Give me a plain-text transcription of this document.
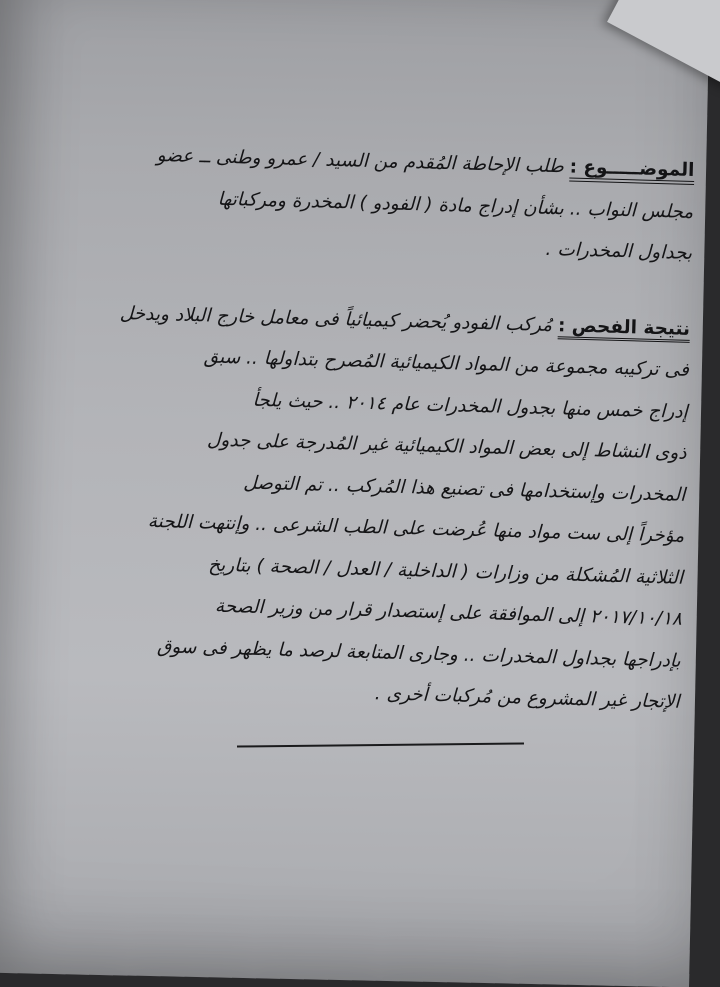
الموضـــــوع : طلب الإحاطة المُقدم من السيد / عمرو وطنى ــ عضو
مجلس النواب .. بشأن إدراج مادة ( الفودو ) المخدرة ومركباتها
بجداول المخدرات .
نتيجة الفحص : مُركب الفودو يُحضر كيميائياً فى معامل خارج البلاد ويدخل
فى تركيبه مجموعة من المواد الكيميائية المُصرح بتداولها .. سبق
إدراج خمس منها بجدول المخدرات عام ٢٠١٤ .. حيث يلجأ
ذوى النشاط إلى بعض المواد الكيميائية غير المُدرجة على جدول
المخدرات وإستخدامها فى تصنيع هذا المُركب .. تم التوصل
مؤخراً إلى ست مواد منها عُرضت على الطب الشرعى .. وإنتهت اللجنة
الثلاثية المُشكلة من وزارات ( الداخلية / العدل / الصحة ) بتاريخ
٢٠١٧/١٠/١٨ إلى الموافقة على إستصدار قرار من وزير الصحة
بإدراجها بجداول المخدرات .. وجارى المتابعة لرصد ما يظهر فى سوق
الإتجار غير المشروع من مُركبات أخرى .
